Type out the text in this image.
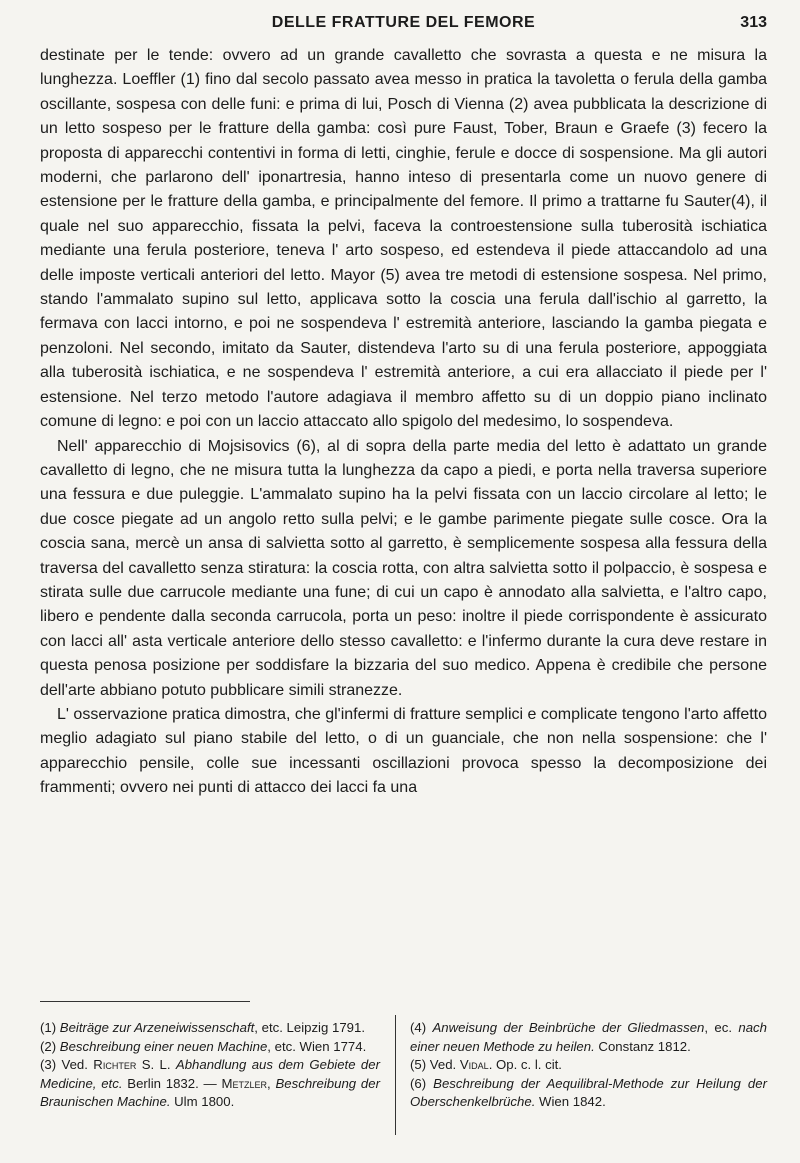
DELLE FRATTURE DEL FEMORE	313

destinate per le tende: ovvero ad un grande cavalletto che sovrasta a questa e ne misura la lunghezza. Loeffler (1) fino dal secolo passato avea messo in pratica la tavoletta o ferula della gamba oscillante, sospesa con delle funi: e prima di lui, Posch di Vienna (2) avea pubblicata la descrizione di un letto sospeso per le fratture della gamba: così pure Faust, Tober, Braun e Graefe (3) fecero la proposta di apparecchi contentivi in forma di letti, cinghie, ferule e docce di sospensione. Ma gli autori moderni, che parlarono dell' iponartresia, hanno inteso di presentarla come un nuovo genere di estensione per le fratture della gamba, e principalmente del femore. Il primo a trattarne fu Sauter(4), il quale nel suo apparecchio, fissata la pelvi, faceva la controestensione sulla tuberosità ischiatica mediante una ferula posteriore, teneva l' arto sospeso, ed estendeva il piede attaccandolo ad una delle imposte verticali anteriori del letto. Mayor (5) avea tre metodi di estensione sospesa. Nel primo, stando l'ammalato supino sul letto, applicava sotto la coscia una ferula dall'ischio al garretto, la fermava con lacci intorno, e poi ne sospendeva l' estremità anteriore, lasciando la gamba piegata e penzoloni. Nel secondo, imitato da Sauter, distendeva l'arto su di una ferula posteriore, appoggiata alla tuberosità ischiatica, e ne sospendeva l' estremità anteriore, a cui era allacciato il piede per l' estensione. Nel terzo metodo l'autore adagiava il membro affetto su di un doppio piano inclinato comune di legno: e poi con un laccio attaccato allo spigolo del medesimo, lo sospendeva.

Nell' apparecchio di Mojsisovics (6), al di sopra della parte media del letto è adattato un grande cavalletto di legno, che ne misura tutta la lunghezza da capo a piedi, e porta nella traversa superiore una fessura e due puleggie. L'ammalato supino ha la pelvi fissata con un laccio circolare al letto; le due cosce piegate ad un angolo retto sulla pelvi; e le gambe parimente piegate sulle cosce. Ora la coscia sana, mercè un ansa di salvietta sotto al garretto, è semplicemente sospesa alla fessura della traversa del cavalletto senza stiratura: la coscia rotta, con altra salvietta sotto il polpaccio, è sospesa e stirata sulle due carrucole mediante una fune; di cui un capo è annodato alla salvietta, e l'altro capo, libero e pendente dalla seconda carrucola, porta un peso: inoltre il piede corrispondente è assicurato con lacci all' asta verticale anteriore dello stesso cavalletto: e l'infermo durante la cura deve restare in questa penosa posizione per soddisfare la bizzaria del suo medico. Appena è credibile che persone dell'arte abbiano potuto pubblicare simili stranezze.

L' osservazione pratica dimostra, che gl'infermi di fratture semplici e complicate tengono l'arto affetto meglio adagiato sul piano stabile del letto, o di un guanciale, che non nella sospensione: che l' apparecchio pensile, colle sue incessanti oscillazioni provoca spesso la decomposizione dei frammenti; ovvero nei punti di attacco dei lacci fa una

(1) Beiträge zur Arzeneiwissenschaft, etc. Leipzig 1791.

(2) Beschreibung einer neuen Machine, etc. Wien 1774.

(3) Ved. Richter S. L. Abhandlung aus dem Gebiete der Medicine, etc. Berlin 1832. — Metzler, Beschreibung der Braunischen Machine. Ulm 1800.

(4) Anweisung der Beinbrüche der Gliedmassen, ec. nach einer neuen Methode zu heilen. Constanz 1812.

(5) Ved. Vidal. Op. c. l. cit.

(6) Beschreibung der Aequilibral-Methode zur Heilung der Oberschenkelbrüche. Wien 1842.
